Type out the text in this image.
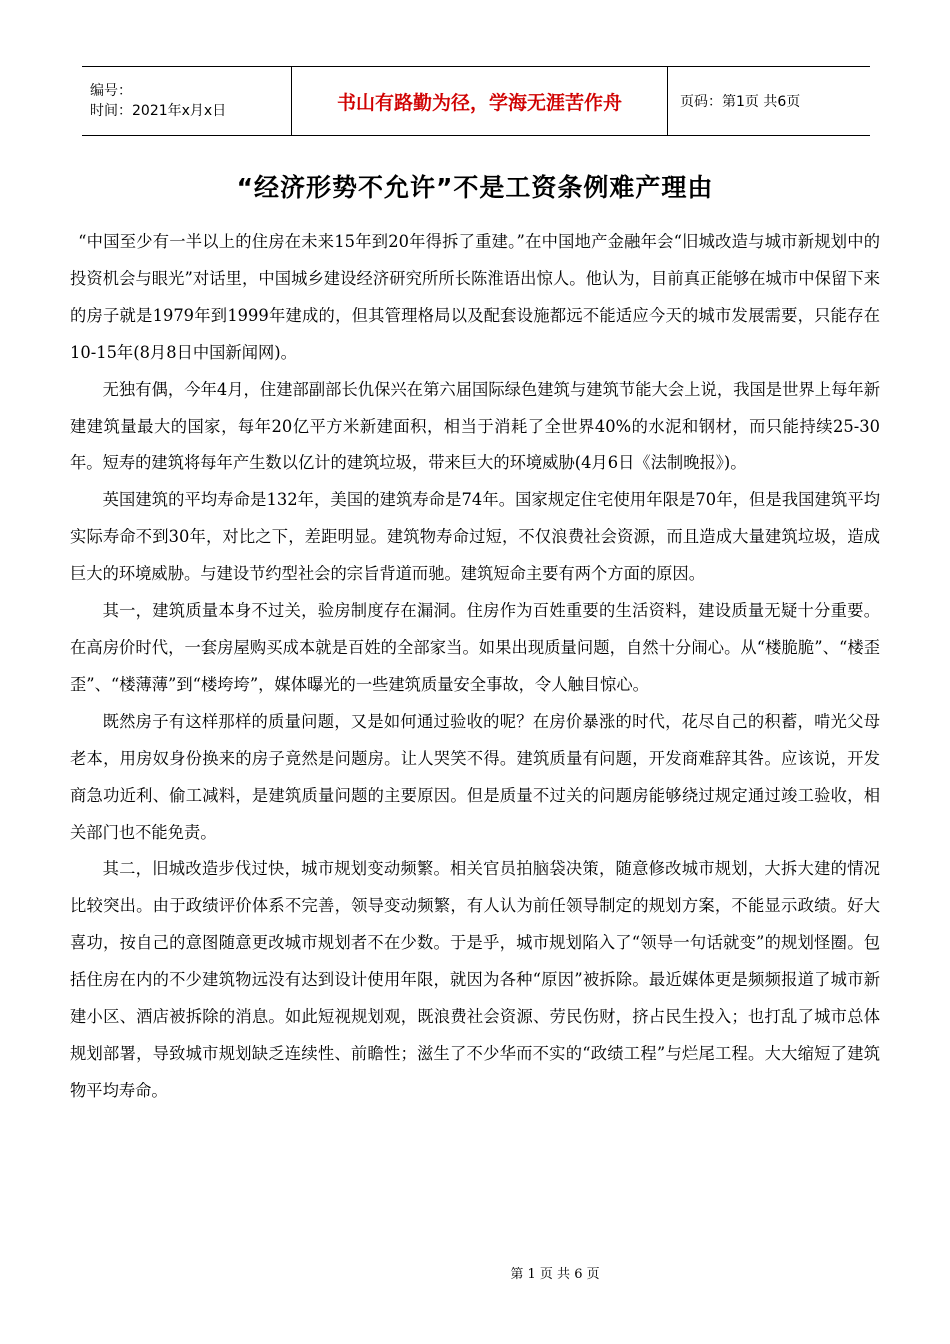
编号：
时间：2021年x月x日	书山有路勤为径，学海无涯苦作舟	页码：第1页 共6页
“经济形势不允许”不是工资条例难产理由

“中国至少有一半以上的住房在未来15年到20年得拆了重建。”在中国地产金融年会“旧城改造与城市新规划中的投资机会与眼光”对话里，中国城乡建设经济研究所所长陈淮语出惊人。他认为，目前真正能够在城市中保留下来的房子就是1979年到1999年建成的，但其管理格局以及配套设施都远不能适应今天的城市发展需要，只能存在10-15年(8月8日中国新闻网)。

无独有偶，今年4月，住建部副部长仇保兴在第六届国际绿色建筑与建筑节能大会上说，我国是世界上每年新建建筑量最大的国家，每年20亿平方米新建面积，相当于消耗了全世界40%的水泥和钢材，而只能持续25-30年。短寿的建筑将每年产生数以亿计的建筑垃圾，带来巨大的环境威胁(4月6日《法制晚报》)。

英国建筑的平均寿命是132年，美国的建筑寿命是74年。国家规定住宅使用年限是70年，但是我国建筑平均实际寿命不到30年，对比之下，差距明显。建筑物寿命过短，不仅浪费社会资源，而且造成大量建筑垃圾，造成巨大的环境威胁。与建设节约型社会的宗旨背道而驰。建筑短命主要有两个方面的原因。

其一，建筑质量本身不过关，验房制度存在漏洞。住房作为百姓重要的生活资料，建设质量无疑十分重要。在高房价时代，一套房屋购买成本就是百姓的全部家当。如果出现质量问题，自然十分闹心。从“楼脆脆”、“楼歪歪”、“楼薄薄”到“楼垮垮”，媒体曝光的一些建筑质量安全事故，令人触目惊心。

既然房子有这样那样的质量问题，又是如何通过验收的呢？在房价暴涨的时代，花尽自己的积蓄，啃光父母老本，用房奴身份换来的房子竟然是问题房。让人哭笑不得。建筑质量有问题，开发商难辞其咎。应该说，开发商急功近利、偷工减料，是建筑质量问题的主要原因。但是质量不过关的问题房能够绕过规定通过竣工验收，相关部门也不能免责。

其二，旧城改造步伐过快，城市规划变动频繁。相关官员拍脑袋决策，随意修改城市规划，大拆大建的情况比较突出。由于政绩评价体系不完善，领导变动频繁，有人认为前任领导制定的规划方案，不能显示政绩。好大喜功，按自己的意图随意更改城市规划者不在少数。于是乎，城市规划陷入了“领导一句话就变”的规划怪圈。包括住房在内的不少建筑物远没有达到设计使用年限，就因为各种“原因”被拆除。最近媒体更是频频报道了城市新建小区、酒店被拆除的消息。如此短视规划观，既浪费社会资源、劳民伤财，挤占民生投入；也打乱了城市总体规划部署，导致城市规划缺乏连续性、前瞻性；滋生了不少华而不实的“政绩工程”与烂尾工程。大大缩短了建筑物平均寿命。

第 1 页 共 6 页
